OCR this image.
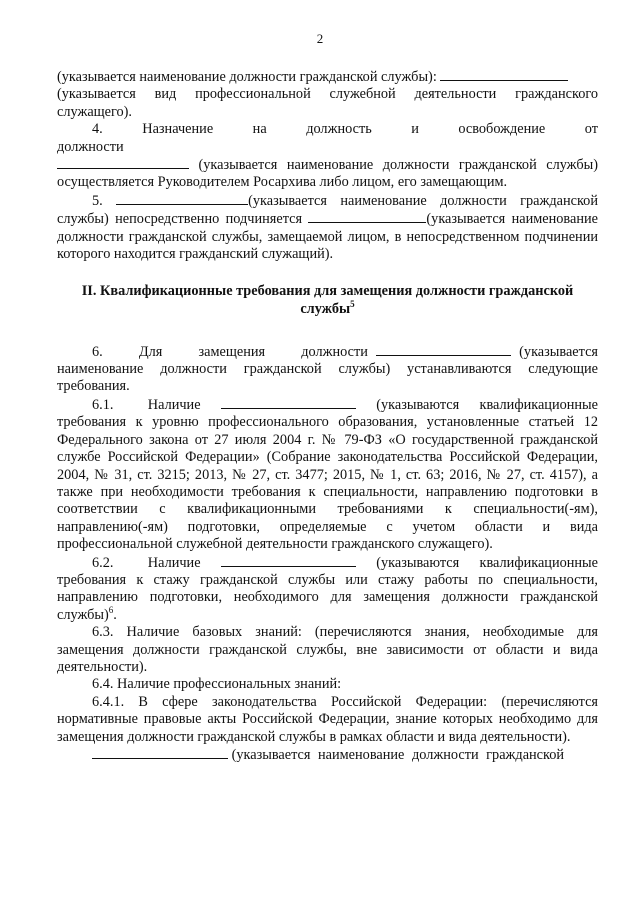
2

(указывается наименование должности гражданской службы):

(указывается вид профессиональной служебной деятельности гражданского служащего).

4. Назначение на должность и освобождение от должности

(указывается наименование должности гражданской службы) осуществляется Руководителем Росархива либо лицом, его замещающим.

5.	(указывается наименование должности гражданской службы) непосредственно подчиняется	(указывается наименование должности гражданской службы, замещаемой лицом, в непосредственном подчинении которого находится гражданский служащий).

II. Квалификационные требования для замещения должности гражданской службы$^5$

6. Для замещения должности	(указывается наименование должности гражданской службы) устанавливаются следующие требования.

6.1. Наличие	(указываются квалификационные требования к уровню профессионального образования, установленные статьей 12 Федерального закона от 27 июля 2004 г. № 79-ФЗ «О государственной гражданской службе Российской Федерации» (Собрание законодательства Российской Федерации, 2004, № 31, ст. 3215; 2013, № 27, ст. 3477; 2015, № 1, ст. 63; 2016, № 27, ст. 4157), а также при необходимости требования к специальности, направлению подготовки в соответствии с квалификационными требованиями к специальности(-ям), направлению(-ям) подготовки, определяемые с учетом области и вида профессиональной служебной деятельности гражданского служащего).

6.2. Наличие	(указываются квалификационные требования к стажу гражданской службы или стажу работы по специальности, направлению подготовки, необходимого для замещения должности гражданской службы)$^6$.

6.3. Наличие базовых знаний: (перечисляются знания, необходимые для замещения должности гражданской службы, вне зависимости от области и вида деятельности).

6.4. Наличие профессиональных знаний:

6.4.1. В сфере законодательства Российской Федерации: (перечисляются нормативные правовые акты Российской Федерации, знание которых необходимо для замещения должности гражданской службы в рамках области и вида деятельности).

(указывается наименование должности гражданской
